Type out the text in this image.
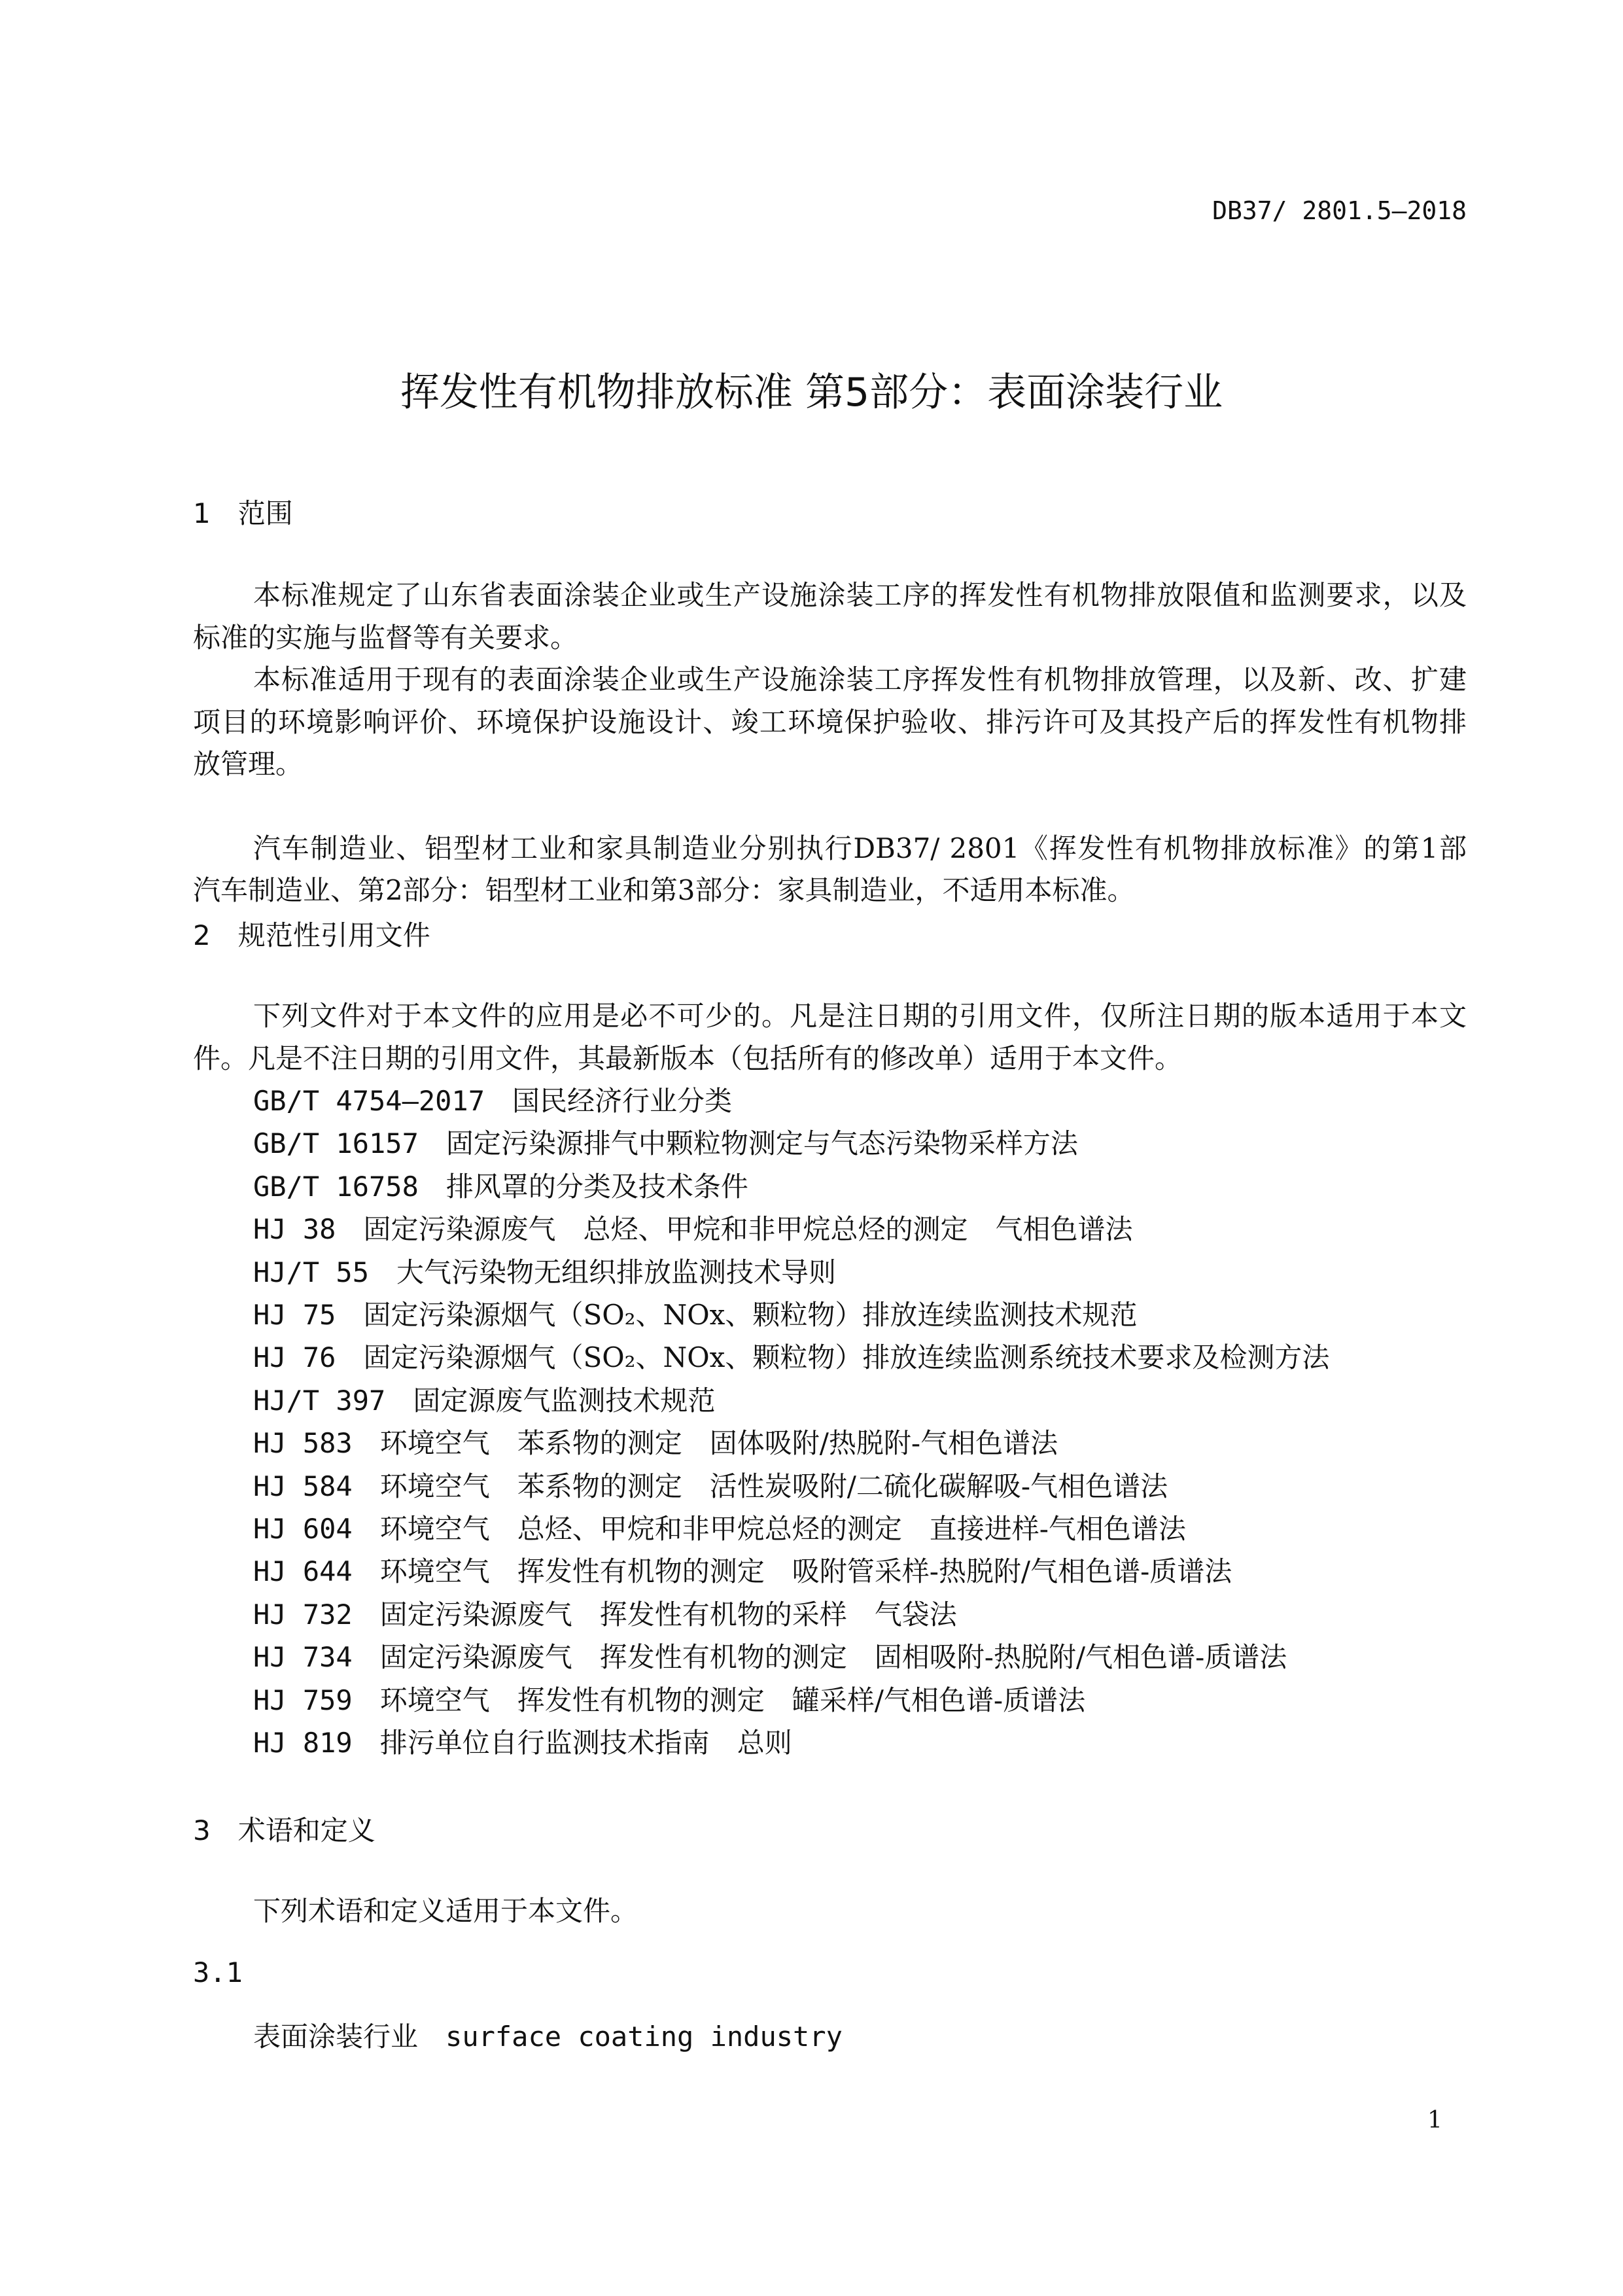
DB37/ 2801.5—2018
挥发性有机物排放标准 第5部分：表面涂装行业
1　范围
本标准规定了山东省表面涂装企业或生产设施涂装工序的挥发性有机物排放限值和监测要求，以及
标准的实施与监督等有关要求。
本标准适用于现有的表面涂装企业或生产设施涂装工序挥发性有机物排放管理，以及新、改、扩建
项目的环境影响评价、环境保护设施设计、竣工环境保护验收、排污许可及其投产后的挥发性有机物排
放管理。
汽车制造业、铝型材工业和家具制造业分别执行DB37/ 2801《挥发性有机物排放标准》的第1部
汽车制造业、第2部分：铝型材工业和第3部分：家具制造业，不适用本标准。
2　规范性引用文件
下列文件对于本文件的应用是必不可少的。凡是注日期的引用文件，仅所注日期的版本适用于本文
件。凡是不注日期的引用文件，其最新版本（包括所有的修改单）适用于本文件。
GB/T 4754—2017　 国民经济行业分类
GB/T 16157　 固定污染源排气中颗粒物测定与气态污染物采样方法
GB/T 16758　 排风罩的分类及技术条件
HJ 38　 固定污染源废气　总烃、甲烷和非甲烷总烃的测定　气相色谱法
HJ/T 55　 大气污染物无组织排放监测技术导则
HJ 75　 固定污染源烟气（SO₂、NOx、颗粒物）排放连续监测技术规范
HJ 76　 固定污染源烟气（SO₂、NOx、颗粒物）排放连续监测系统技术要求及检测方法
HJ/T 397　 固定源废气监测技术规范
HJ 583　 环境空气　苯系物的测定　固体吸附/热脱附-气相色谱法
HJ 584　 环境空气　苯系物的测定　活性炭吸附/二硫化碳解吸-气相色谱法
HJ 604　 环境空气　总烃、甲烷和非甲烷总烃的测定　直接进样-气相色谱法
HJ 644　 环境空气　挥发性有机物的测定　吸附管采样-热脱附/气相色谱-质谱法
HJ 732　 固定污染源废气　挥发性有机物的采样　气袋法
HJ 734　 固定污染源废气　挥发性有机物的测定　固相吸附-热脱附/气相色谱-质谱法
HJ 759　 环境空气　挥发性有机物的测定　罐采样/气相色谱-质谱法
HJ 819　 排污单位自行监测技术指南　总则
3　术语和定义
下列术语和定义适用于本文件。
3.1
表面涂装行业　 surface coating industry
1
